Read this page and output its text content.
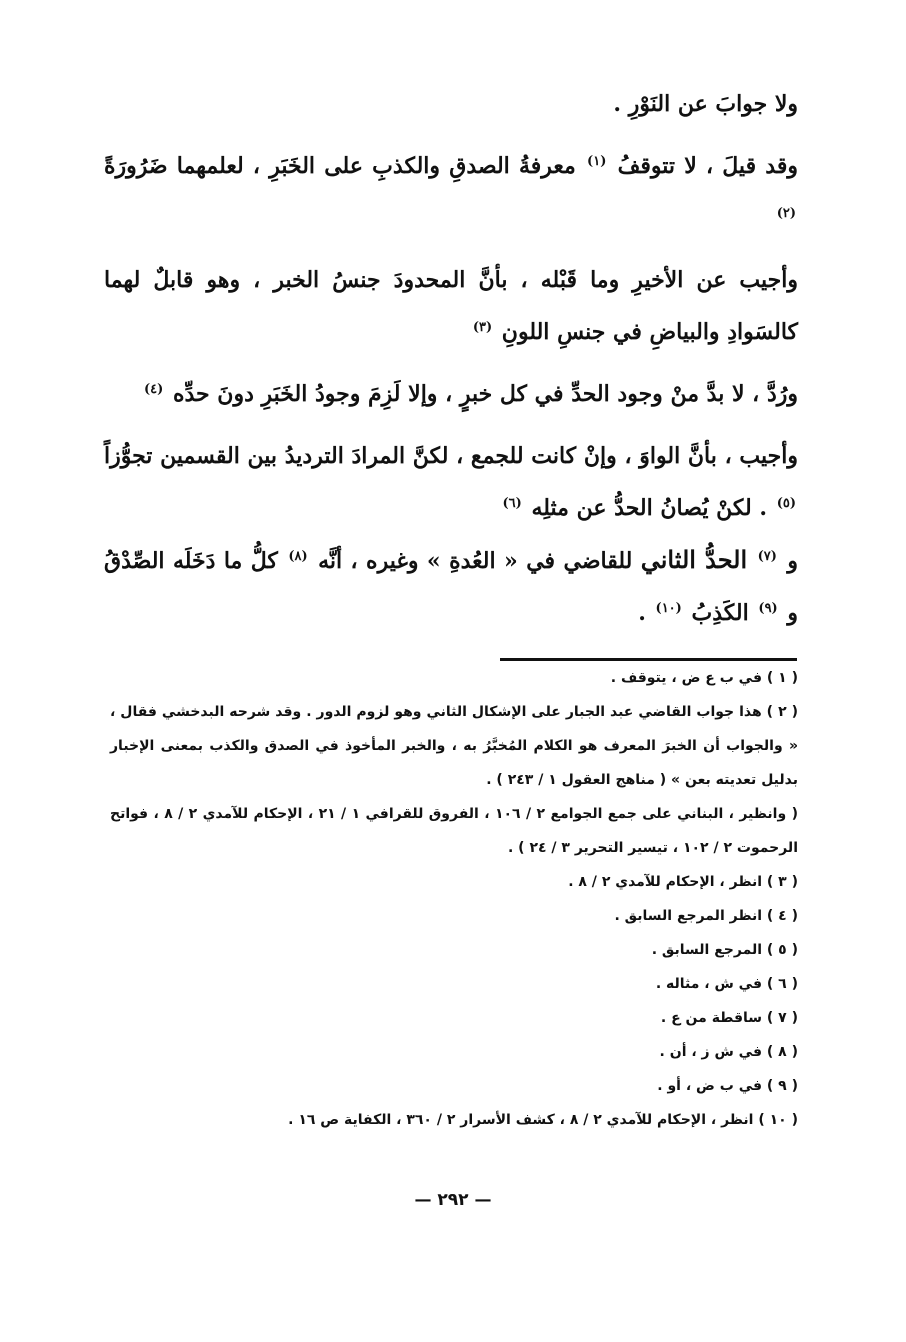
ولا جوابَ عن النَوْرِ .

وقد قيلَ ، لا تتوقفُ $^{(١)}$ معرفةُ الصدقِ والكذبِ على الخَبَرِ ، لعلمهما ضَرُورَةً $^{(٢)}$

وأجيب عن الأخيرِ وما قَبْله ، بأنَّ المحدودَ جنسُ الخبر ، وهو قابلٌ لهما كالسَوادِ والبياضِ في جنسِ اللونِ $^{(٣)}$

ورُدَّ ، لا بدَّ منْ وجود الحدِّ في كل خبرٍ ، وإلا لَزِمَ وجودُ الخَبَرِ دونَ حدِّه $^{(٤)}$

وأجيب ، بأنَّ الواوَ ، وإنْ كانت للجمع ، لكنَّ المرادَ الترديدُ بين القسمين تجوُّزاً $^{(٥)}$ . لكنْ يُصانُ الحدُّ عن مثلِه $^{(٦)}$

و $^{(٧)}$ الحدُّ الثاني للقاضي في « العُدةِ » وغيره ، أنَّه $^{(٨)}$ كلُّ ما دَخَلَه الصِّدْقُ و $^{(٩)}$ الكَذِبُ $^{(١٠)}$ .

( ١ ) في ب ع ض ، يتوقف .

( ٢ ) هذا جواب القاضي عبد الجبار على الإشكال الثاني وهو لزوم الدور . وقد شرحه البدخشي فقال ، « والجواب أن الخبرَ المعرف هو الكلام المُخبَّرُ به ، والخبر المأخوذ في الصدق والكذب بمعنى الإخبار بدليل تعديته بعن » ( مناهج العقول ١ / ٢٤٣ ) .

( وانظير ، البناني على جمع الجوامع ٢ / ١٠٦ ، الفروق للقرافي ١ / ٢١ ، الإحكام للآمدي ٢ / ٨ ، فواتح الرحموت ٢ / ١٠٢ ، تيسير التحرير ٣ / ٢٤ ) .

( ٣ ) انظر ، الإحكام للآمدي ٢ / ٨ .

( ٤ ) انظر المرجع السابق .

( ٥ ) المرجع السابق .

( ٦ ) في ش ، مثاله .

( ٧ ) ساقطة من ع .

( ٨ ) في ش ز ، أن .

( ٩ ) في ب ض ، أو .

( ١٠ ) انظر ، الإحكام للآمدي ٢ / ٨ ، كشف الأسرار ٢ / ٣٦٠ ، الكفاية ص ١٦ .

— ٢٩٢ —
